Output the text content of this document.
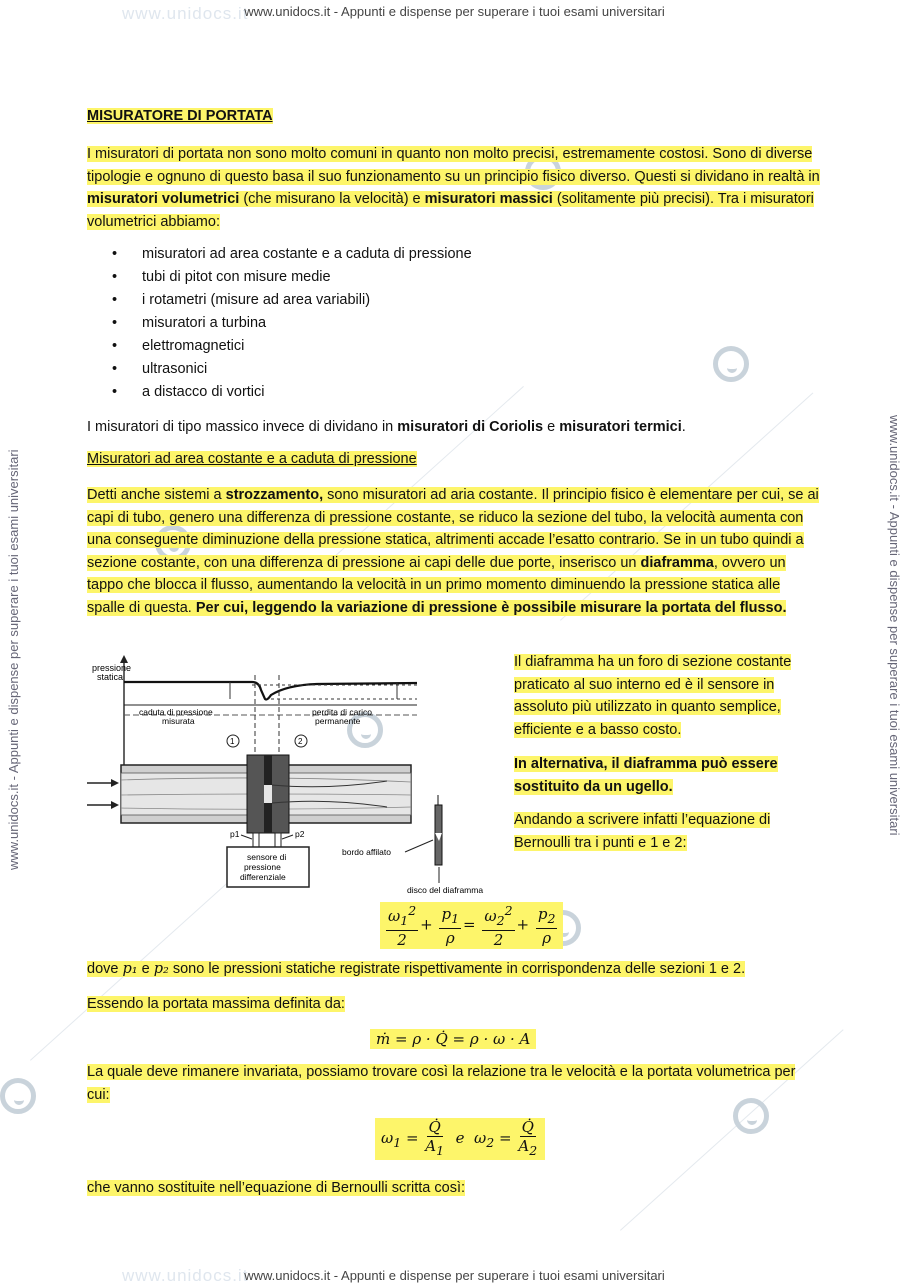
www.unidocs.it
www.unidocs.it
www.unidocs.it - Appunti e dispense per superare i tuoi esami universitari
www.unidocs.it - Appunti e dispense per superare i tuoi esami universitari
www.unidocs.it - Appunti e dispense per superare i tuoi esami universitari	www.unidocs.it - Appunti e dispense per superare i tuoi esami universitari
MISURATORE DI PORTATA
I misuratori di portata non sono molto comuni in quanto non molto precisi, estremamente costosi. Sono di diverse tipologie e ognuno di questo basa il suo funzionamento su un principio fisico diverso. Questi si dividano in realtà in misuratori volumetrici (che misurano la velocità) e misuratori massici (solitamente più precisi). Tra i misuratori volumetrici abbiamo:
• misuratori ad area costante e a caduta di pressione
• tubi di pitot con misure medie
• i rotametri (misure ad area variabili)
• misuratori a turbina
• elettromagnetici
• ultrasonici
• a distacco di vortici
I misuratori di tipo massico invece di dividano in misuratori di Coriolis e misuratori termici.
Misuratori ad area costante e a caduta di pressione
Detti anche sistemi a strozzamento, sono misuratori ad aria costante. Il principio fisico è elementare per cui, se ai capi di tubo, genero una differenza di pressione costante, se riduco la sezione del tubo, la velocità aumenta con una conseguente diminuzione della pressione statica, altrimenti accade l’esatto contrario. Se in un tubo quindi a sezione costante, con una differenza di pressione ai capi delle due porte, inserisco un diaframma, ovvero un tappo che blocca il flusso, aumentando la velocità in un primo momento diminuendo la pressione statica alle spalle di questa. Per cui, leggendo la variazione di pressione è possibile misurare la portata del flusso.
pressione
statica
caduta di pressione
misurata
perdita di carico
permanente
1	2
p1	p2
sensore di
pressione
differenziale
bordo affilato
disco del diaframma
Il diaframma ha un foro di sezione costante praticato al suo interno ed è il sensore in assoluto più utilizzato in quanto semplice, efficiente e a basso costo.
In alternativa, il diaframma può essere sostituito da un ugello.
Andando a scrivere infatti l’equazione di Bernoulli tra i punti e 1 e 2:
$\frac{\omega_1^2}{2} + \frac{p_1}{\rho} = \frac{\omega_2^2}{2} + \frac{p_2}{\rho}$
dove p₁ e p₂ sono le pressioni statiche registrate rispettivamente in corrispondenza delle sezioni 1 e 2.
Essendo la portata massima definita da:
ṁ = ρ · Q̇ = ρ · ω · A
La quale deve rimanere invariata, possiamo trovare così la relazione tra le velocità e la portata volumetrica per cui:
$\omega_1 = \frac{Q̇}{A_1}$ e  $\omega_2 = \frac{Q̇}{A_2}$
che vanno sostituite nell’equazione di Bernoulli scritta così:
